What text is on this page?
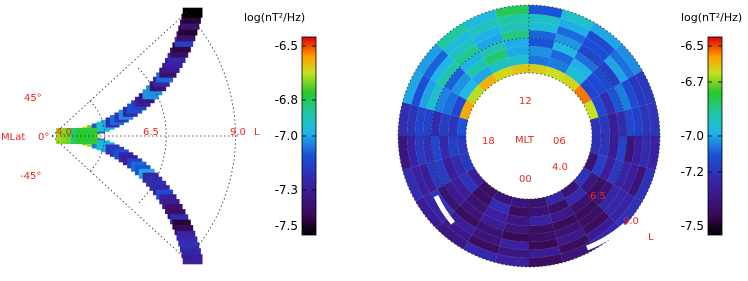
45°
0°
-45°
MLat	4.0	6.5	9.0 L
log(nT²/Hz)
-6.5
-6.8
-7.0
-7.3
-7.5
12
18	06
00
MLT
4.0
6.5
9.0
L
log(nT²/Hz)
-6.5
-6.7
-7.0
-7.2
-7.5
